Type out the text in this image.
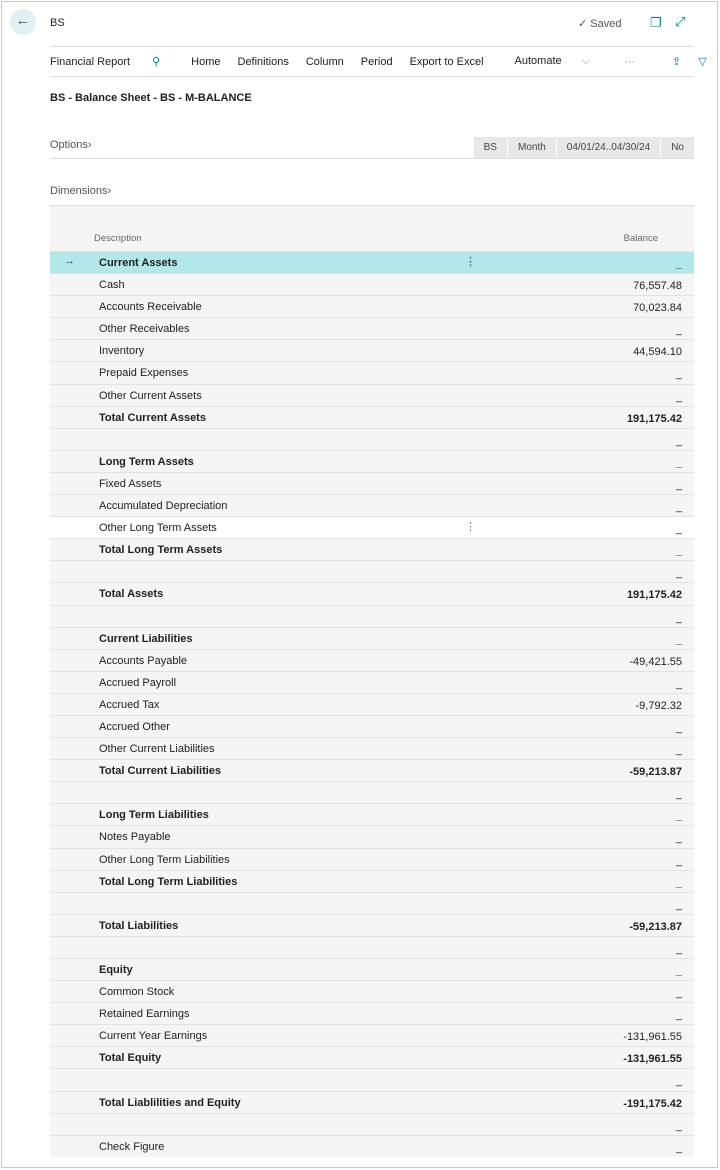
←	BS	✓ Saved ❐ ⤢
Financial Report ⚲	Home Definitions Column Period Export to Excel	Automate ⌵	···	⇪ ▽
BS - Balance Sheet - BS - M-BALANCE
Options›	BS	Month	04/01/24..04/30/24	No
Dimensions›
Description	Balance
→ Current Assets	⋮	_
Cash	76,557.48
Accounts Receivable	70,023.84
Other Receivables	_
Inventory	44,594.10
Prepaid Expenses	_
Other Current Assets	_
Total Current Assets	191,175.42
_
Long Term Assets	_
Fixed Assets	_
Accumulated Depreciation	_
Other Long Term Assets	⋮	_
Total Long Term Assets	_
_
Total Assets	191,175.42
_
Current Liabilities	_
Accounts Payable	-49,421.55
Accrued Payroll	_
Accrued Tax	-9,792.32
Accrued Other	_
Other Current Liabilities	_
Total Current Liabilities	-59,213.87
_
Long Term Liabilities	_
Notes Payable	_
Other Long Term Liabilities	_
Total Long Term Liabilities	_
_
Total Liabilities	-59,213.87
_
Equity	_
Common Stock	_
Retained Earnings	_
Current Year Earnings	-131,961.55
Total Equity	-131,961.55
_
Total Liablilities and Equity	-191,175.42
_
Check Figure	_
